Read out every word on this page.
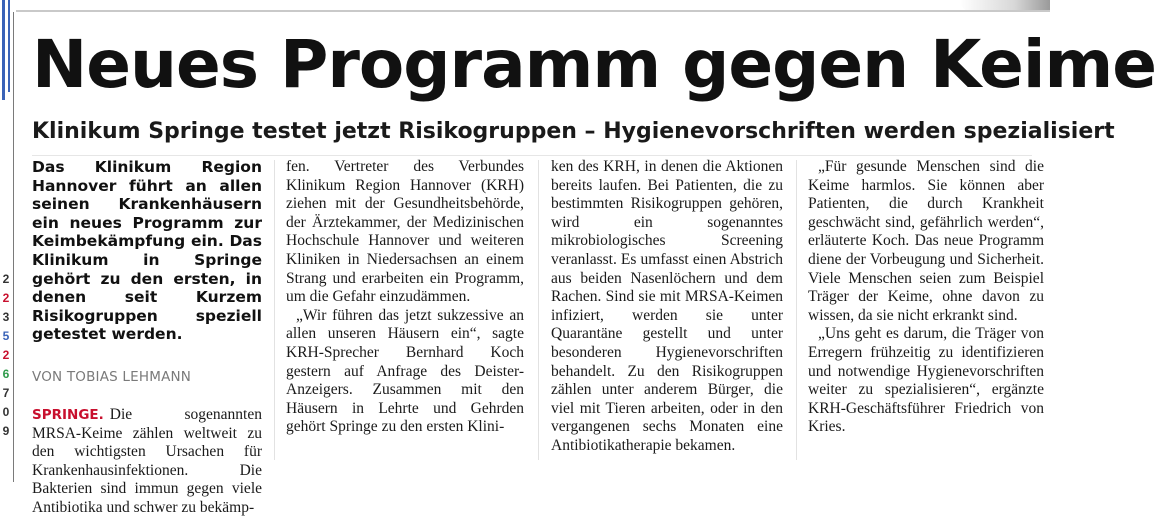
2
2
3
5
2
6
7
0
9
Neues Programm gegen Keime
Klinikum Springe testet jetzt Risikogruppen – Hygienevorschriften werden spezialisiert

Das Klinikum Region Hannover führt an allen seinen Krankenhäusern ein neues Programm zur Keimbekämpfung ein. Das Klinikum in Springe gehört zu den ersten, in denen seit Kurzem Risikogruppen speziell getestet werden.

VON TOBIAS LEHMANN

SPRINGE. Die sogenannten MRSA-Keime zählen weltweit zu den wichtigsten Ursachen für Krankenhausinfektionen. Die Bakterien sind immun gegen viele Antibiotika und schwer zu bekämp-

fen. Vertreter des Verbundes Klinikum Region Hannover (KRH) ziehen mit der Gesundheitsbehörde, der Ärztekammer, der Medizinischen Hochschule Hannover und weiteren Kliniken in Niedersachsen an einem Strang und erarbeiten ein Programm, um die Gefahr einzudämmen.

„Wir führen das jetzt sukzessive an allen unseren Häusern ein“, sagte KRH-Sprecher Bernhard Koch gestern auf Anfrage des Deister-Anzeigers. Zusammen mit den Häusern in Lehrte und Gehrden gehört Springe zu den ersten Klini-

ken des KRH, in denen die Aktionen bereits laufen. Bei Patienten, die zu bestimmten Risikogruppen gehören, wird ein sogenanntes mikrobiologisches Screening veranlasst. Es umfasst einen Abstrich aus beiden Nasenlöchern und dem Rachen. Sind sie mit MRSA-Keimen infiziert, werden sie unter Quarantäne gestellt und unter besonderen Hygienevorschriften behandelt. Zu den Risikogruppen zählen unter anderem Bürger, die viel mit Tieren arbeiten, oder in den vergangenen sechs Monaten eine Antibiotikatherapie bekamen.

„Für gesunde Menschen sind die Keime harmlos. Sie können aber Patienten, die durch Krankheit geschwächt sind, gefährlich werden“, erläuterte Koch. Das neue Programm diene der Vorbeugung und Sicherheit. Viele Menschen seien zum Beispiel Träger der Keime, ohne davon zu wissen, da sie nicht erkrankt sind.

„Uns geht es darum, die Träger von Erregern frühzeitig zu identifizieren und notwendige Hygienevorschriften weiter zu spezialisieren“, ergänzte KRH-Geschäftsführer Friedrich von Kries.
